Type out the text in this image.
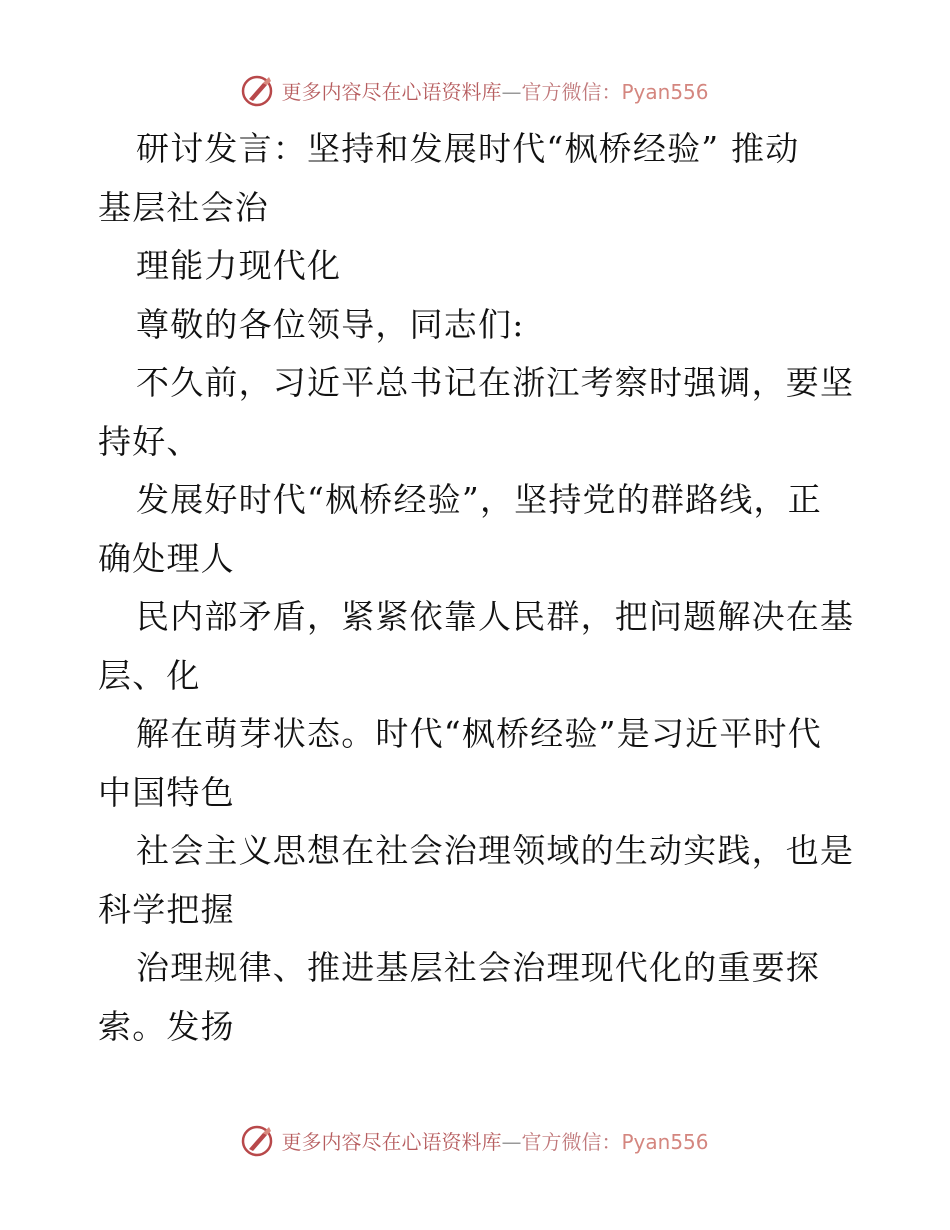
更多内容尽在心语资料库—官方微信：Pyan556
研讨发言：坚持和发展时代“枫桥经验” 推动
基层社会治
理能力现代化
尊敬的各位领导，同志们:
不久前，习近平总书记在浙江考察时强调，要坚
持好、
发展好时代“枫桥经验”，坚持党的群路线，正
确处理人
民内部矛盾，紧紧依靠人民群，把问题解决在基
层、化
解在萌芽状态。时代“枫桥经验”是习近平时代
中国特色
社会主义思想在社会治理领域的生动实践，也是
科学把握
治理规律、推进基层社会治理现代化的重要探
索。发扬
更多内容尽在心语资料库—官方微信：Pyan556
